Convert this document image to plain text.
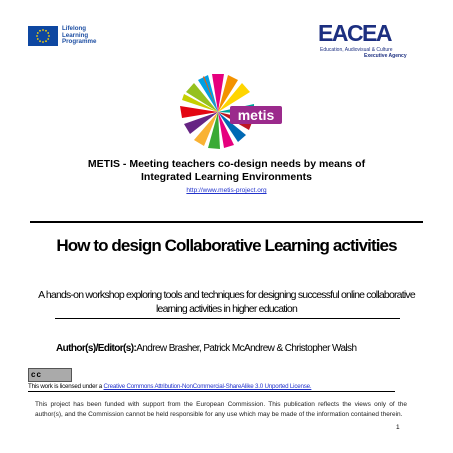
Lifelong
Learning
Programme	EACEA
Education, Audiovisual & Culture
Executive Agency
metis
METIS - Meeting teachers co-design needs by means of
Integrated Learning Environments
http://www.metis-project.org
How to design Collaborative Learning activities
A hands-on workshop exploring tools and techniques for designing successful online collaborative
learning activities in higher education
Author(s)/Editor(s):Andrew Brasher, Patrick McAndrew & Christopher Walsh
cc
This work is licensed under a Creative Commons Attribution-NonCommercial-ShareAlike 3.0 Unported License.
This project has been funded with support from the European Commission. This publication reflects the views only of the author(s), and the Commission cannot be held responsible for any use which may be made of the information contained therein.
1
